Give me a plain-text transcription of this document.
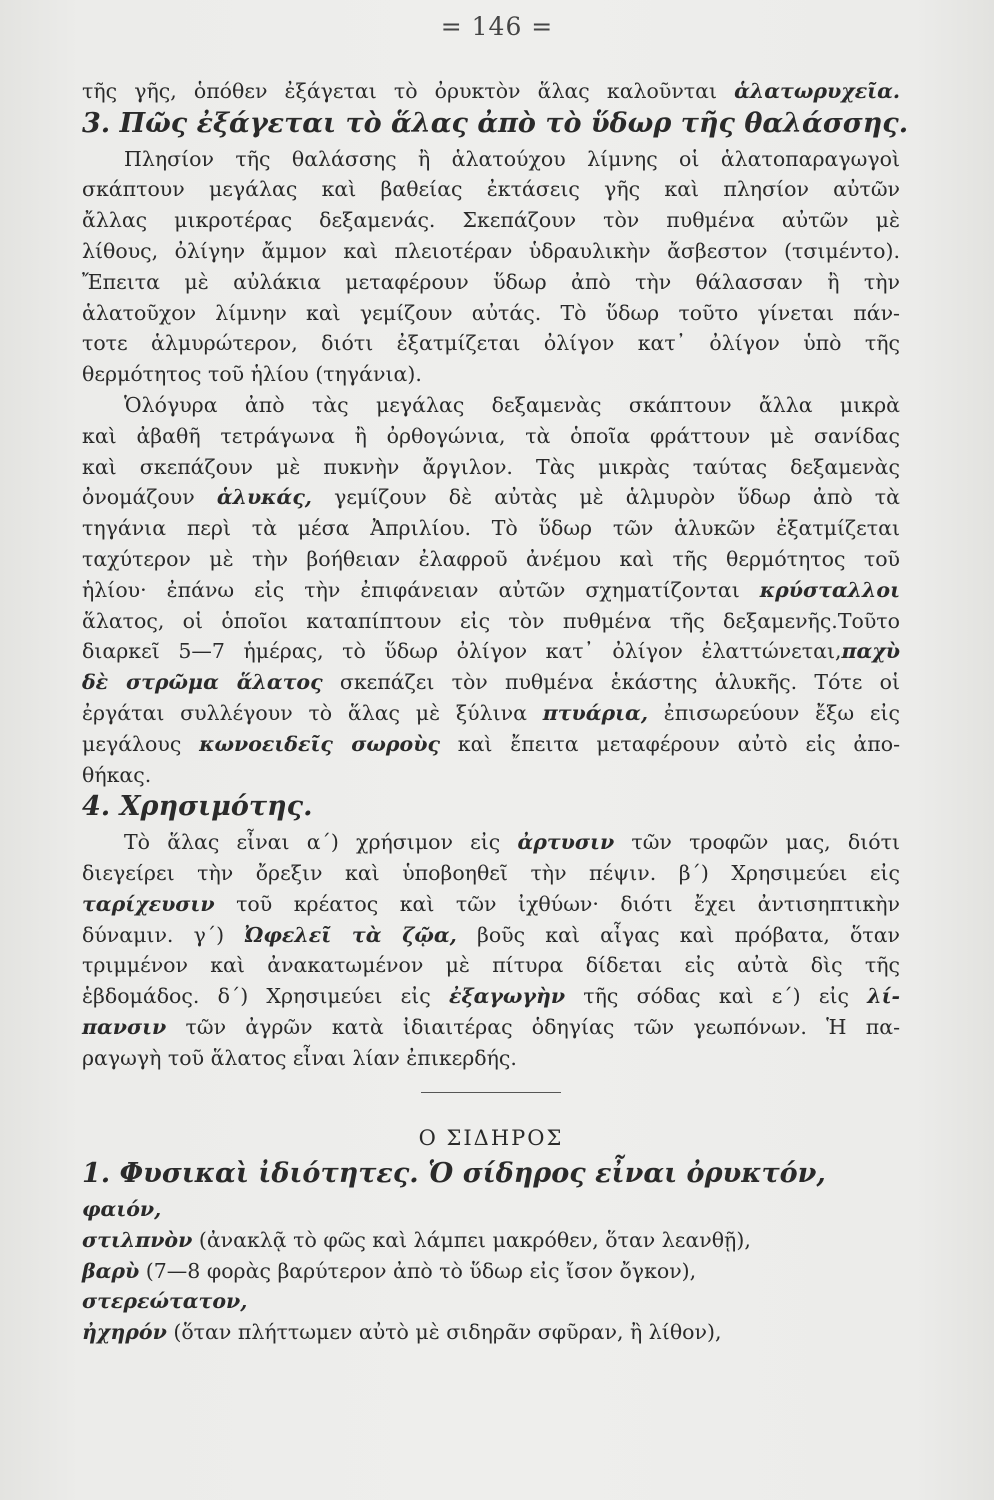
= 146 =
τῆς γῆς, ὁπόθεν ἐξάγεται τὸ ὀρυκτὸν ἅλας καλοῦνται ἁλατωρυχεῖα.
3. Πῶς ἐξάγεται τὸ ἅλας ἀπὸ τὸ ὕδωρ τῆς θαλάσσης.
Πλησίον τῆς θαλάσσης ἢ ἁλατούχου λίμνης οἱ ἁλατοπαραγωγοὶ
σκάπτουν μεγάλας καὶ βαθείας ἐκτάσεις γῆς καὶ πλησίον αὐτῶν
ἄλλας μικροτέρας δεξαμενάς. Σκεπάζουν τὸν πυθμένα αὐτῶν μὲ
λίθους, ὀλίγην ἄμμον καὶ πλειοτέραν ὑδραυλικὴν ἄσβεστον (τσιμέντο).
Ἔπειτα μὲ αὐλάκια μεταφέρουν ὕδωρ ἀπὸ τὴν θάλασσαν ἢ τὴν
ἁλατοῦχον λίμνην καὶ γεμίζουν αὐτάς. Τὸ ὕδωρ τοῦτο γίνεται πάν-
τοτε ἁλμυρώτερον, διότι ἐξατμίζεται ὀλίγον κατ᾽ ὀλίγον ὑπὸ τῆς
θερμότητος τοῦ ἡλίου (τηγάνια).
Ὁλόγυρα ἀπὸ τὰς μεγάλας δεξαμενὰς σκάπτουν ἄλλα μικρὰ
καὶ ἀβαθῆ τετράγωνα ἢ ὀρθογώνια, τὰ ὁποῖα φράττουν μὲ σανίδας
καὶ σκεπάζουν μὲ πυκνὴν ἄργιλον. Τὰς μικρὰς ταύτας δεξαμενὰς
ὀνομάζουν ἁλυκάς, γεμίζουν δὲ αὐτὰς μὲ ἁλμυρὸν ὕδωρ ἀπὸ τὰ
τηγάνια περὶ τὰ μέσα Ἀπριλίου. Τὸ ὕδωρ τῶν ἁλυκῶν ἐξατμίζεται
ταχύτερον μὲ τὴν βοήθειαν ἐλαφροῦ ἀνέμου καὶ τῆς θερμότητος τοῦ
ἡλίου· ἐπάνω εἰς τὴν ἐπιφάνειαν αὐτῶν σχηματίζονται κρύσταλλοι
ἅλατος, οἱ ὁποῖοι καταπίπτουν εἰς τὸν πυθμένα τῆς δεξαμενῆς.Τοῦτο
διαρκεῖ 5—7 ἡμέρας, τὸ ὕδωρ ὀλίγον κατ᾽ ὀλίγον ἐλαττώνεται,παχὺ
δὲ στρῶμα ἅλατος σκεπάζει τὸν πυθμένα ἑκάστης ἁλυκῆς. Τότε οἱ
ἐργάται συλλέγουν τὸ ἅλας μὲ ξύλινα πτυάρια, ἐπισωρεύουν ἔξω εἰς
μεγάλους κωνοειδεῖς σωροὺς καὶ ἔπειτα μεταφέρουν αὐτὸ εἰς ἀπο-
θήκας.
4. Χρησιμότης.
Τὸ ἅλας εἶναι α´) χρήσιμον εἰς ἀρτυσιν τῶν τροφῶν μας, διότι
διεγείρει τὴν ὄρεξιν καὶ ὑποβοηθεῖ τὴν πέψιν. β´) Χρησιμεύει εἰς
ταρίχευσιν τοῦ κρέατος καὶ τῶν ἰχθύων· διότι ἔχει ἀντισηπτικὴν
δύναμιν. γ´) Ὠφελεῖ τὰ ζῷα, βοῦς καὶ αἶγας καὶ πρόβατα, ὅταν
τριμμένον καὶ ἀνακατωμένον μὲ πίτυρα δίδεται εἰς αὐτὰ δὶς τῆς
ἑβδομάδος. δ´) Χρησιμεύει εἰς ἐξαγωγὴν τῆς σόδας καὶ ε´) εἰς λί-
πανσιν τῶν ἀγρῶν κατὰ ἰδιαιτέρας ὁδηγίας τῶν γεωπόνων. Ἡ πα-
ραγωγὴ τοῦ ἅλατος εἶναι λίαν ἐπικερδής.
Ο ΣΙΔΗΡΟΣ
1. Φυσικαὶ ἰδιότητες. Ὁ σίδηρος εἶναι ὀρυκτόν,
φαιόν,
στιλπνὸν (ἀνακλᾷ τὸ φῶς καὶ λάμπει μακρόθεν, ὅταν λεανθῇ),
βαρὺ (7—8 φορὰς βαρύτερον ἀπὸ τὸ ὕδωρ εἰς ἴσον ὄγκον),
στερεώτατον,
ἠχηρόν (ὅταν πλήττωμεν αὐτὸ μὲ σιδηρᾶν σφῦραν, ἢ λίθον),
